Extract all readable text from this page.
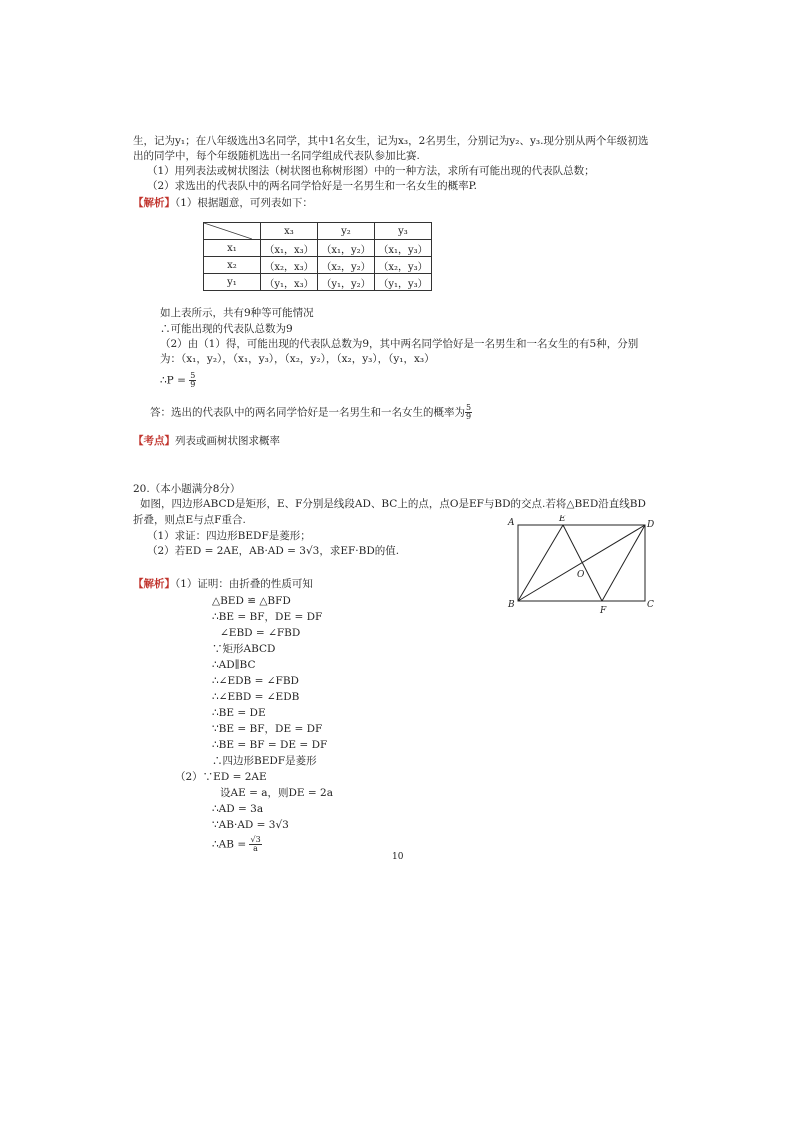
生，记为y₁；在八年级选出3名同学，其中1名女生，记为x₃，2名男生，分别记为y₂、y₃.现分别从两个年级初选
出的同学中，每个年级随机选出一名同学组成代表队参加比赛.
（1）用列表法或树状图法（树状图也称树形图）中的一种方法，求所有可能出现的代表队总数；
（2）求选出的代表队中的两名同学恰好是一名男生和一名女生的概率P.
【解析】（1）根据题意，可列表如下：
	x₃	y₂	y₃
x₁	（x₁，x₃）	（x₁，y₂）	（x₁，y₃）
x₂	（x₂，x₃）	（x₂，y₂）	（x₂，y₃）
y₁	（y₁，x₃）	（y₁，y₂）	（y₁，y₃）
如上表所示，共有9种等可能情况
∴可能出现的代表队总数为9
（2）由（1）得，可能出现的代表队总数为9，其中两名同学恰好是一名男生和一名女生的有5种，分别
为：（x₁，y₂），（x₁，y₃），（x₂，y₂），（x₂，y₃），（y₁，x₃）
∴P = $\frac{5}{9}$
答：选出的代表队中的两名同学恰好是一名男生和一名女生的概率为 $\frac{5}{9}$
【考点】列表或画树状图求概率
20.（本小题满分8分）
如图，四边形ABCD是矩形，E、F分别是线段AD、BC上的点，点O是EF与BD的交点.若将△BED沿直线BD
折叠，则点E与点F重合.
（1）求证：四边形BEDF是菱形；
（2）若ED = 2AE，AB·AD = 3√3，求EF·BD的值.
A	E
D
O
B
F
C
【解析】（1）证明：由折叠的性质可知
△BED ≌ △BFD
∴BE = BF，DE = DF
∠EBD = ∠FBD
∵矩形ABCD
∴AD∥BC
∴∠EDB = ∠FBD
∴∠EBD = ∠EDB
∴BE = DE
∵BE = BF，DE = DF
∴BE = BF = DE = DF
∴四边形BEDF是菱形
（2）∵ED = 2AE
设AE = a，则DE = 2a
∴AD = 3a
∵AB·AD = 3√3
∴AB = $\frac{√3}{a}$
10
